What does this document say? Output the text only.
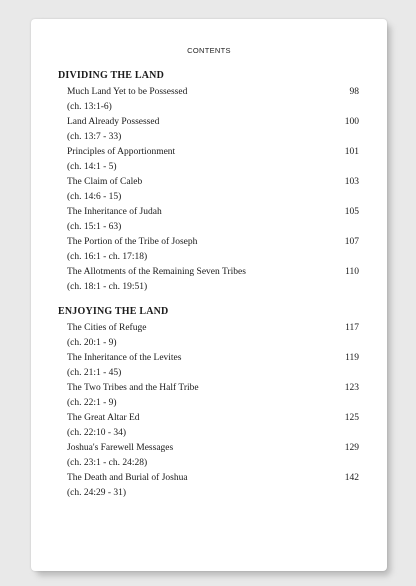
CONTENTS
DIVIDING THE LAND
Much Land Yet to be Possessed	98
(ch. 13:1-6)
Land Already Possessed	100
(ch. 13:7 - 33)
Principles of Apportionment	101
(ch. 14:1 - 5)
The Claim of Caleb	103
(ch. 14:6 - 15)
The Inheritance of Judah	105
(ch. 15:1 - 63)
The Portion of the Tribe of Joseph	107
(ch. 16:1 - ch. 17:18)
The Allotments of the Remaining Seven Tribes	110
(ch. 18:1 - ch. 19:51)
ENJOYING THE LAND
The Cities of Refuge	117
(ch. 20:1 - 9)
The Inheritance of the Levites	119
(ch. 21:1 - 45)
The Two Tribes and the Half Tribe	123
(ch. 22:1 - 9)
The Great Altar Ed	125
(ch. 22:10 - 34)
Joshua's Farewell Messages	129
(ch. 23:1 - ch. 24:28)
The Death and Burial of Joshua	142
(ch. 24:29 - 31)
